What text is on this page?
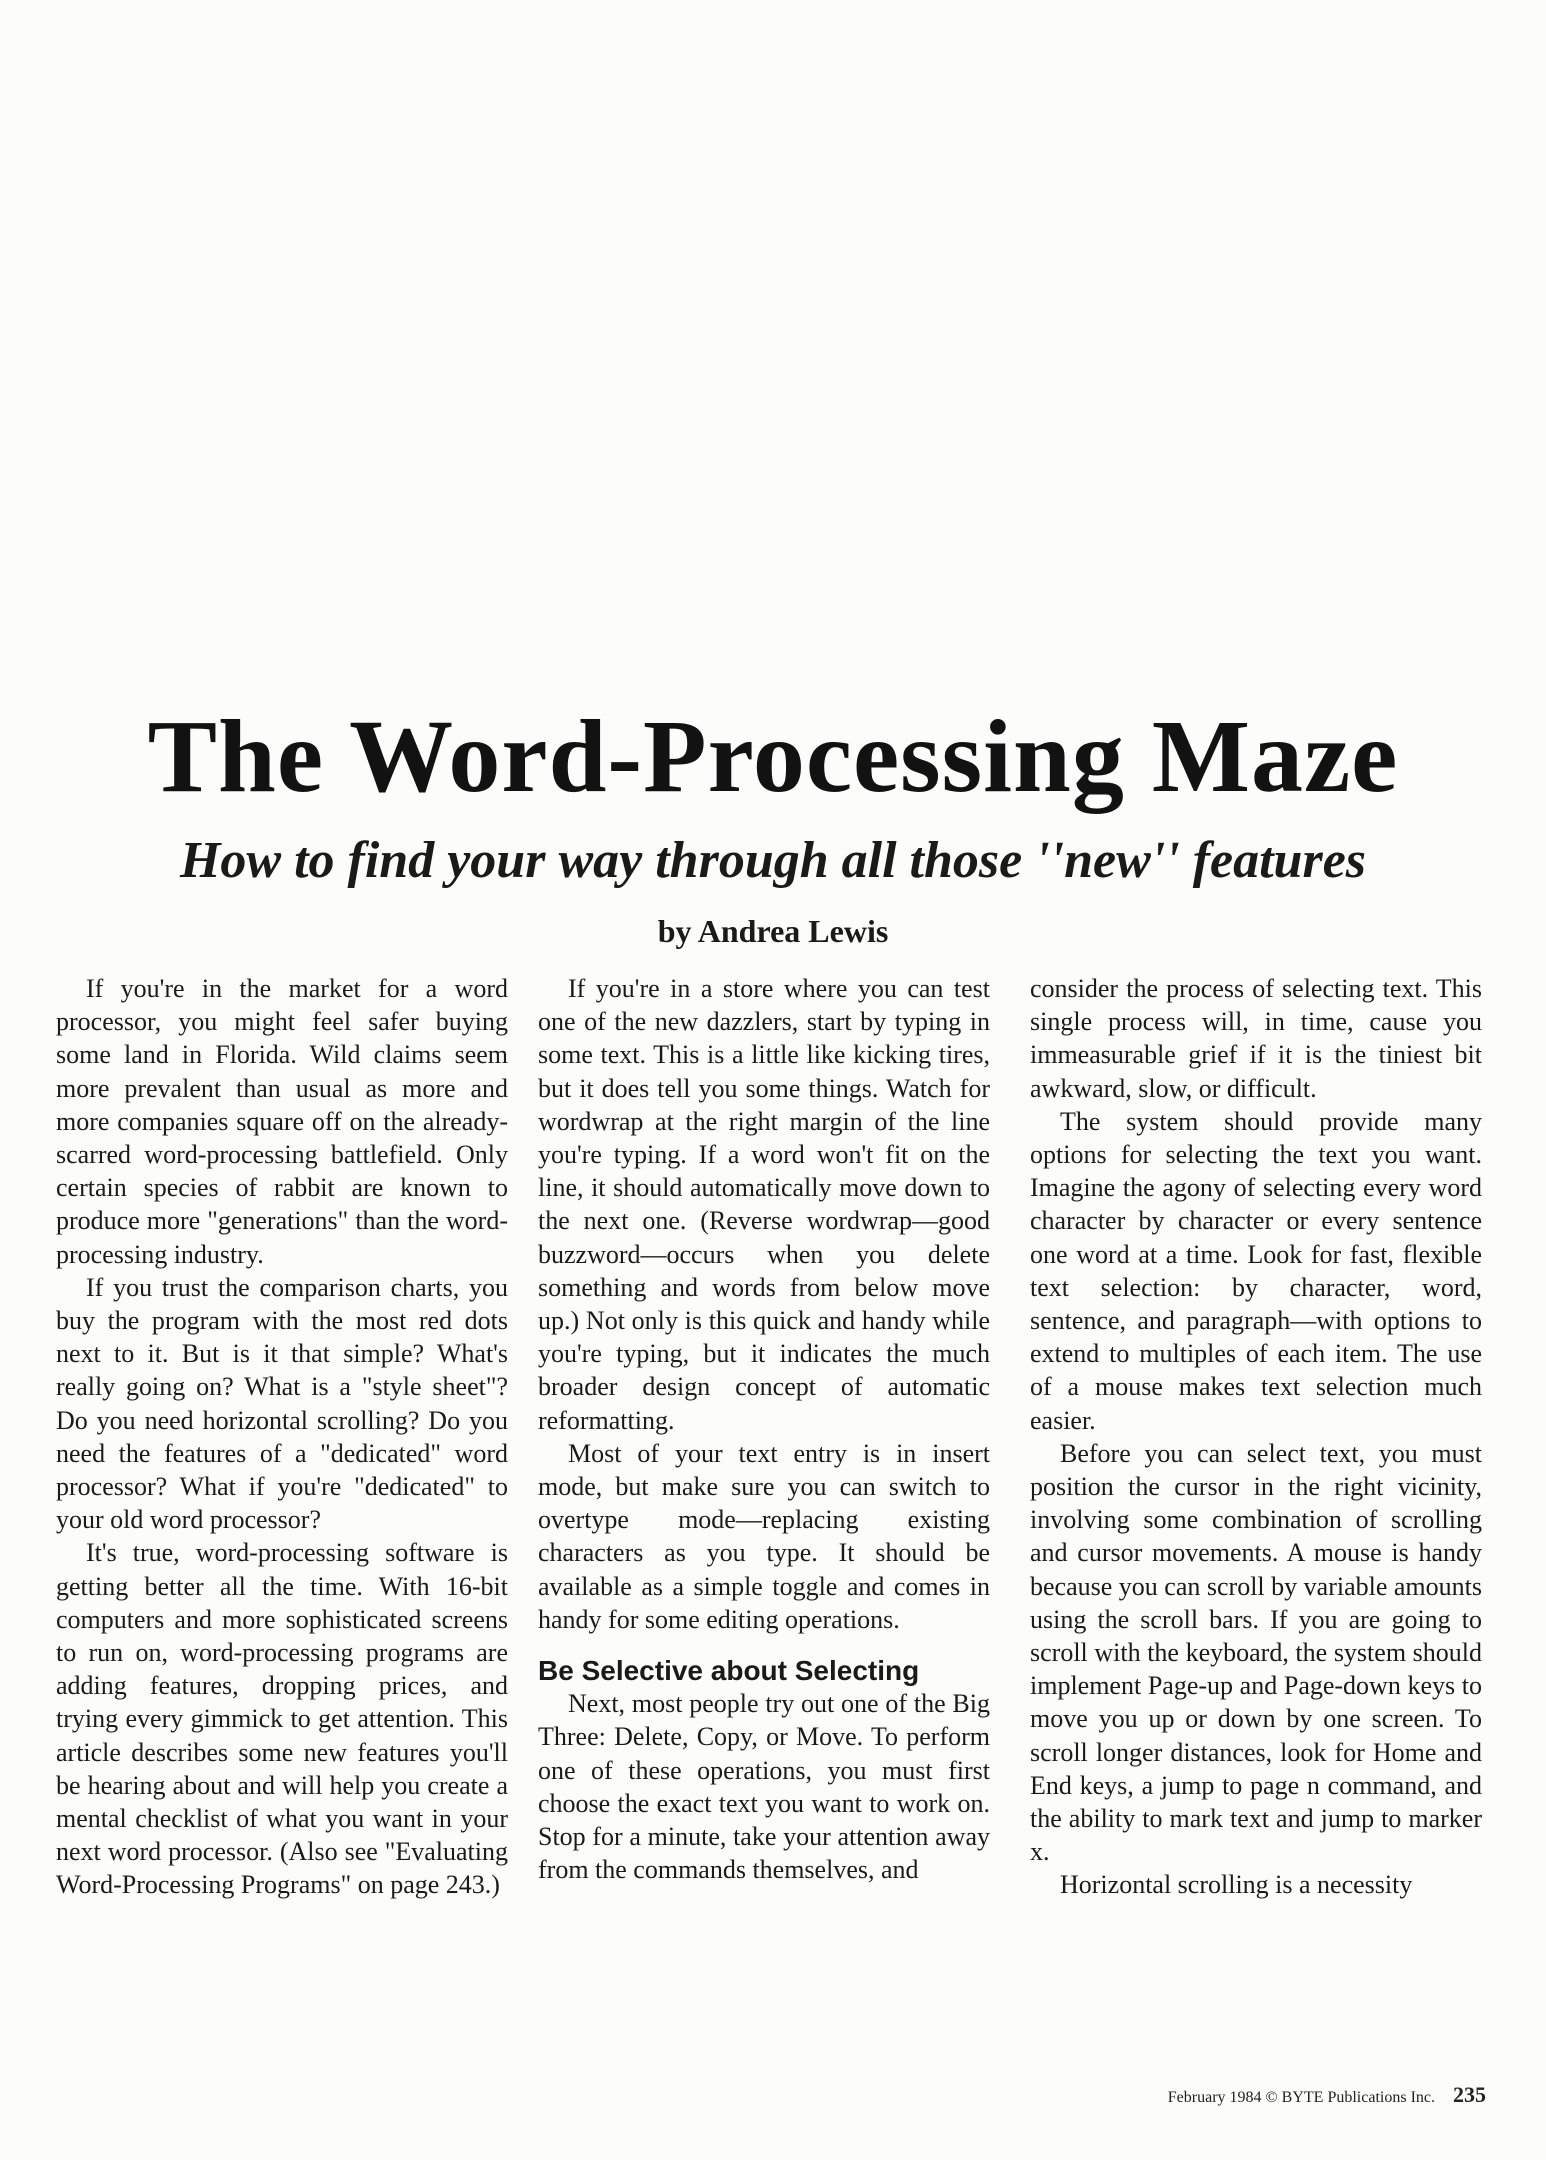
The Word-Processing Maze
How to find your way through all those ''new'' features
by Andrea Lewis

If you're in the market for a word processor, you might feel safer buying some land in Florida. Wild claims seem more prevalent than usual as more and more companies square off on the already-scarred word-processing battlefield. Only certain species of rabbit are known to produce more "generations" than the word-processing industry.

If you trust the comparison charts, you buy the program with the most red dots next to it. But is it that simple? What's really going on? What is a "style sheet"? Do you need horizontal scrolling? Do you need the features of a "dedicated" word processor? What if you're "dedicated" to your old word processor?

It's true, word-processing software is getting better all the time. With 16-bit computers and more sophisticated screens to run on, word-processing programs are adding features, dropping prices, and trying every gimmick to get attention. This article describes some new features you'll be hearing about and will help you create a mental checklist of what you want in your next word processor. (Also see "Evaluating Word-Processing Programs" on page 243.)

If you're in a store where you can test one of the new dazzlers, start by typing in some text. This is a little like kicking tires, but it does tell you some things. Watch for wordwrap at the right margin of the line you're typing. If a word won't fit on the line, it should automatically move down to the next one. (Reverse wordwrap—good buzzword—occurs when you delete something and words from below move up.) Not only is this quick and handy while you're typing, but it indicates the much broader design concept of automatic reformatting.

Most of your text entry is in insert mode, but make sure you can switch to overtype mode—replacing existing characters as you type. It should be available as a simple toggle and comes in handy for some editing operations.

Be Selective about Selecting

Next, most people try out one of the Big Three: Delete, Copy, or Move. To perform one of these operations, you must first choose the exact text you want to work on. Stop for a minute, take your attention away from the commands themselves, and

consider the process of selecting text. This single process will, in time, cause you immeasurable grief if it is the tiniest bit awkward, slow, or difficult.

The system should provide many options for selecting the text you want. Imagine the agony of selecting every word character by character or every sentence one word at a time. Look for fast, flexible text selection: by character, word, sentence, and paragraph—with options to extend to multiples of each item. The use of a mouse makes text selection much easier.

Before you can select text, you must position the cursor in the right vicinity, involving some combination of scrolling and cursor movements. A mouse is handy because you can scroll by variable amounts using the scroll bars. If you are going to scroll with the keyboard, the system should implement Page-up and Page-down keys to move you up or down by one screen. To scroll longer distances, look for Home and End keys, a jump to page n command, and the ability to mark text and jump to marker x.

Horizontal scrolling is a necessity

February 1984 © BYTE Publications Inc. 235
